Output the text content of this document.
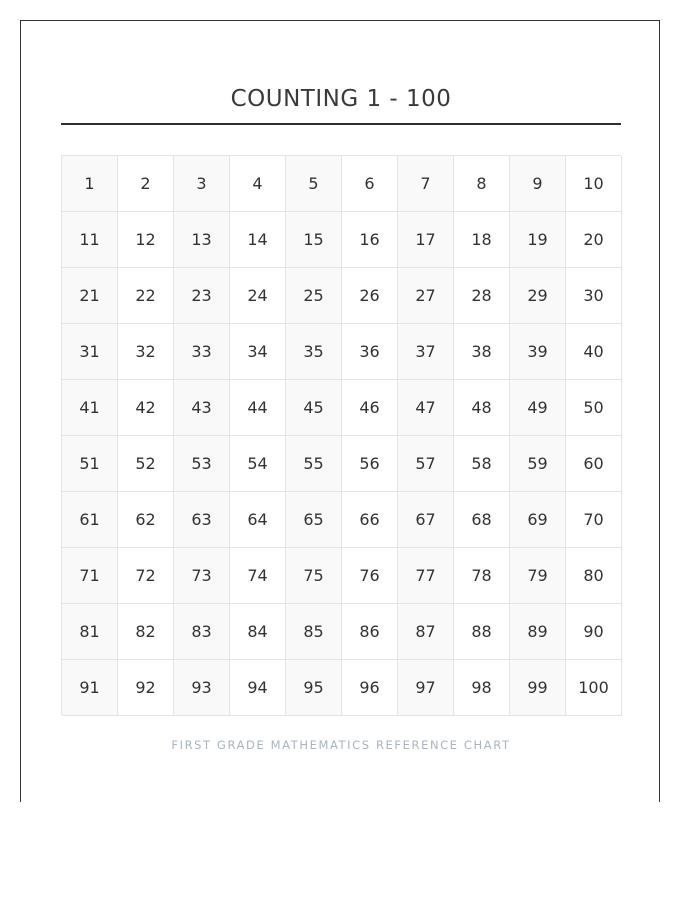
COUNTING 1 - 100
1	2	3	4	5	6	7	8	9	10
11	12	13	14	15	16	17	18	19	20
21	22	23	24	25	26	27	28	29	30
31	32	33	34	35	36	37	38	39	40
41	42	43	44	45	46	47	48	49	50
51	52	53	54	55	56	57	58	59	60
61	62	63	64	65	66	67	68	69	70
71	72	73	74	75	76	77	78	79	80
81	82	83	84	85	86	87	88	89	90
91	92	93	94	95	96	97	98	99	100
FIRST GRADE MATHEMATICS REFERENCE CHART
